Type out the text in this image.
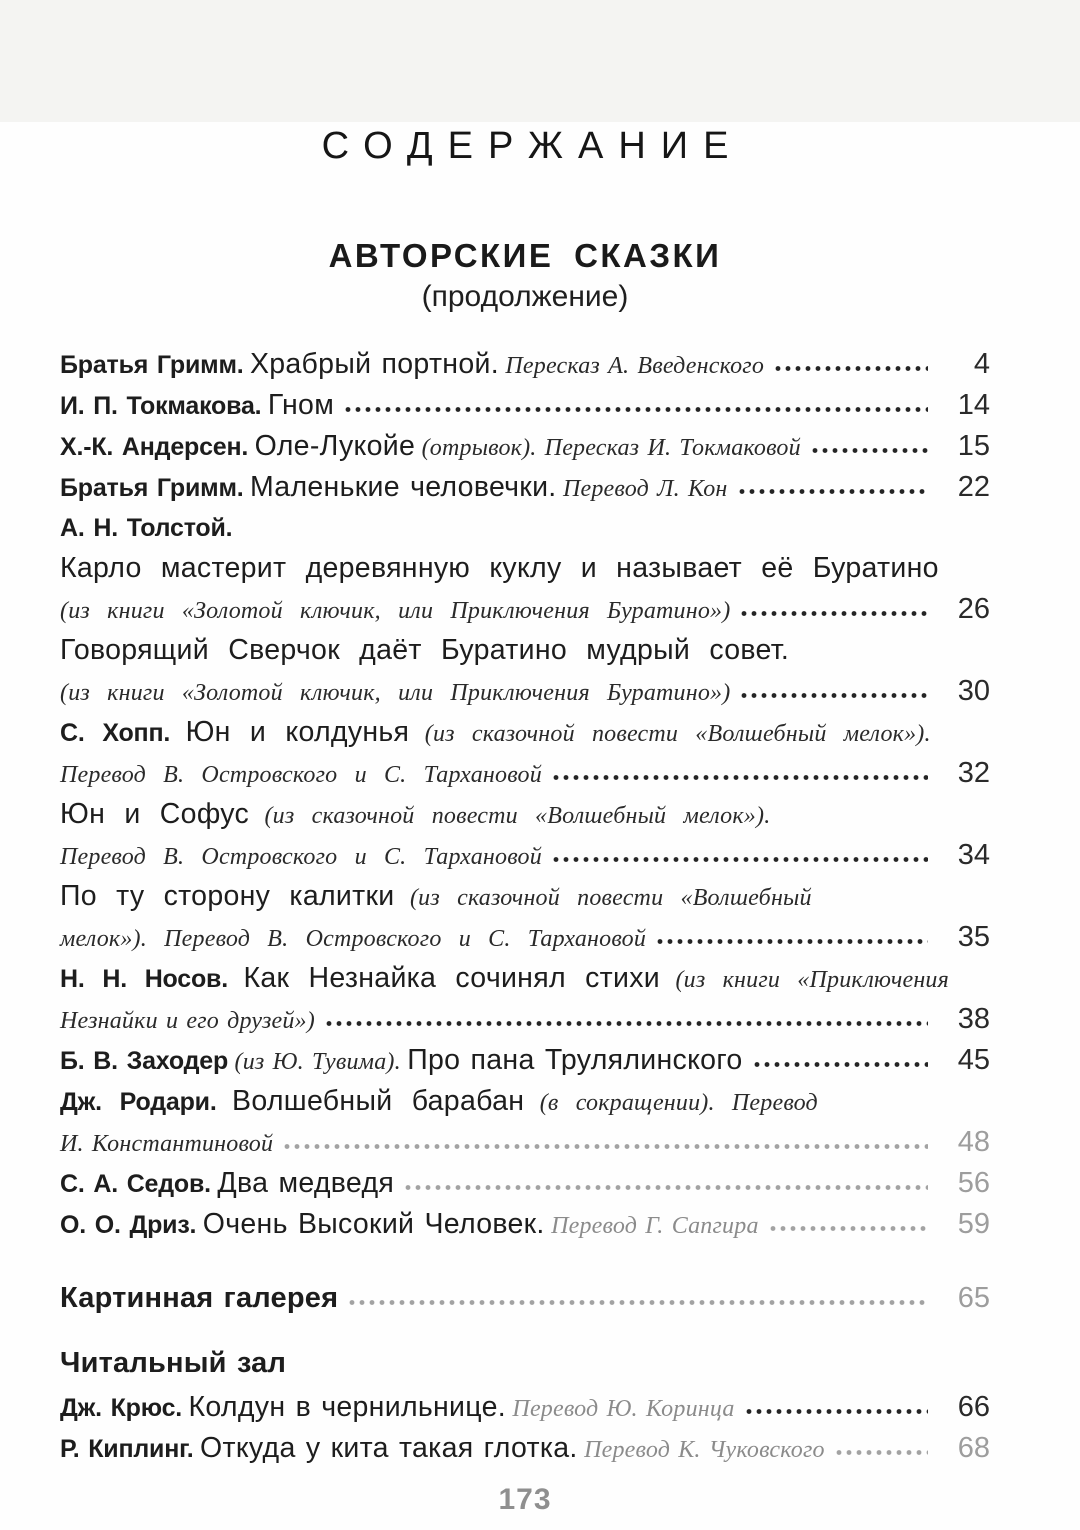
СОДЕРЖАНИЕ
АВТОРСКИЕ СКАЗКИ
(продолжение)
Братья Гримм. Храбрый портной. Пересказ А. Введенского	4
И. П. Токмакова. Гном	14
Х.-К. Андерсен. Оле-Лукойе (отрывок). Пересказ И. Токмаковой	15
Братья Гримм. Маленькие человечки. Перевод Л. Кон	22
А. Н. Толстой.
Карло мастерит деревянную куклу и называет её Буратино
(из книги «Золотой ключик, или Приключения Буратино»)	26
Говорящий Сверчок даёт Буратино мудрый совет.
(из книги «Золотой ключик, или Приключения Буратино»)	30
С. Хопп. Юн и колдунья (из сказочной повести «Волшебный мелок»).
Перевод В. Островского и С. Тархановой	32
Юн и Софус (из сказочной повести «Волшебный мелок»).
Перевод В. Островского и С. Тархановой	34
По ту сторону калитки (из сказочной повести «Волшебный
мелок»). Перевод В. Островского и С. Тархановой	35
Н. Н. Носов. Как Незнайка сочинял стихи (из книги «Приключения
Незнайки и его друзей»)	38
Б. В. Заходер (из Ю. Тувима). Про пана Трулялинского	45
Дж. Родари. Волшебный барабан (в сокращении). Перевод
И. Константиновой	48
С. А. Седов. Два медведя	56
О. О. Дриз. Очень Высокий Человек. Перевод Г. Сапгира	59
Картинная галерея	65
Читальный зал
Дж. Крюс. Колдун в чернильнице. Перевод Ю. Коринца	66
Р. Киплинг. Откуда у кита такая глотка. Перевод К. Чуковского	68
173
